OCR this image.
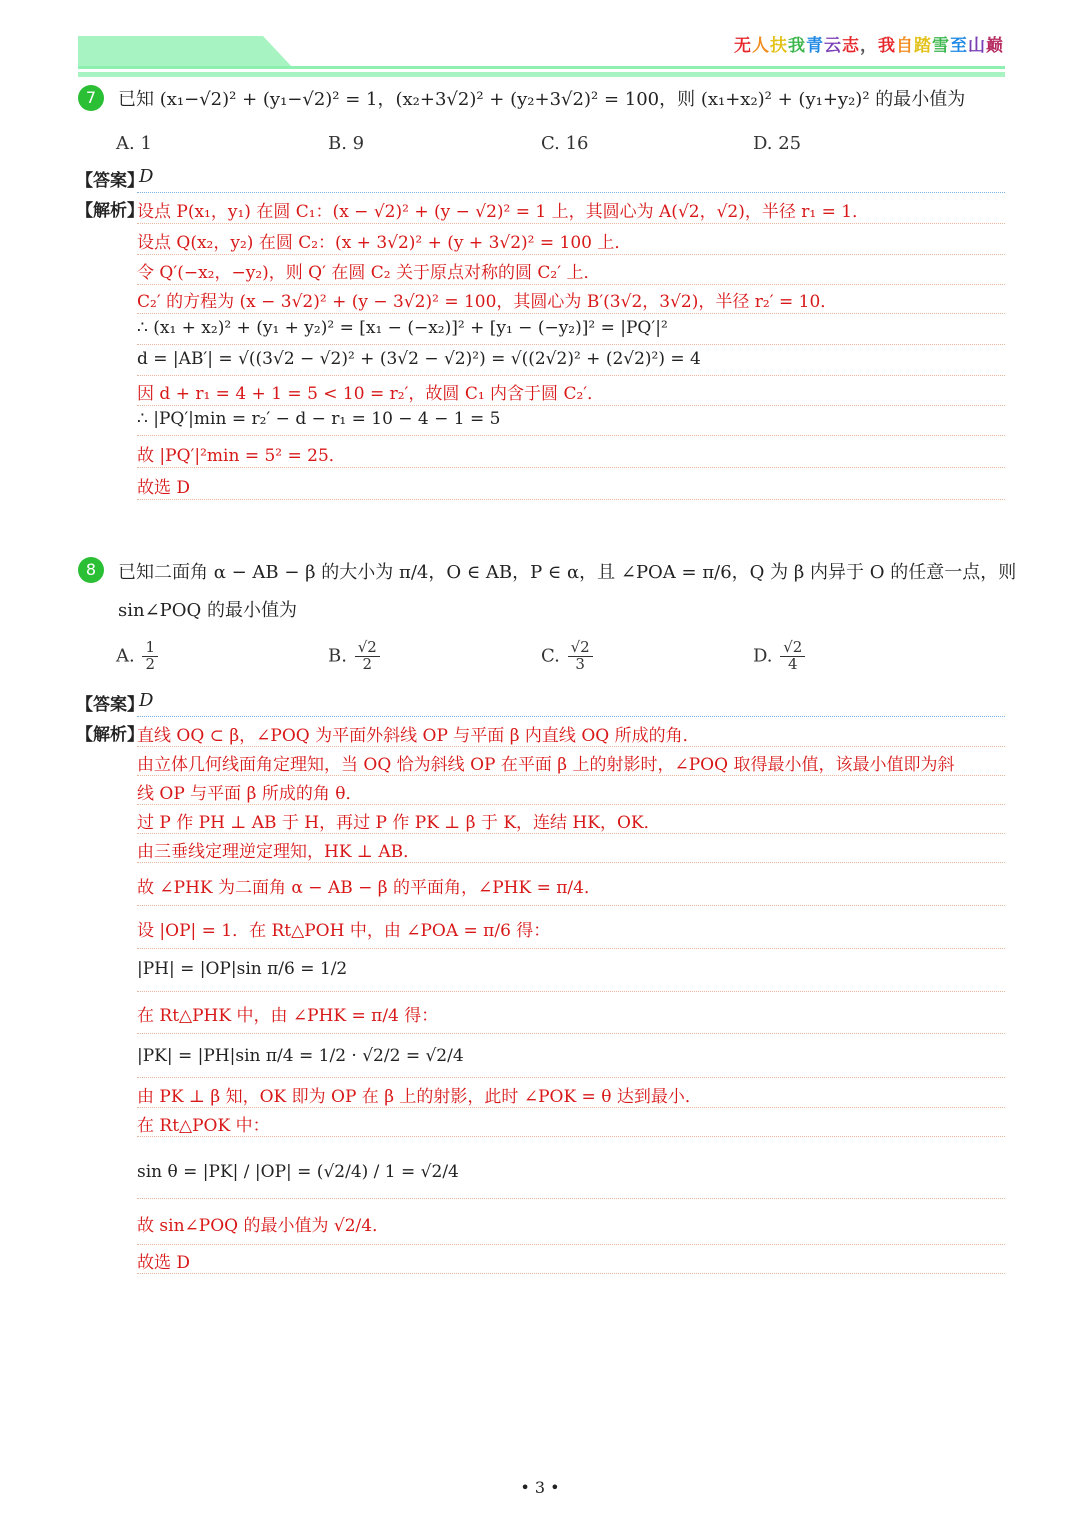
无人扶我青云志，我自踏雪至山巅
7	已知 (x₁−√2)² + (y₁−√2)² = 1，(x₂+3√2)² + (y₂+3√2)² = 100，则 (x₁+x₂)² + (y₁+y₂)² 的最小值为
A. 1	B. 9	C. 16	D. 25
【答案】
D
【解析】
设点 P(x₁，y₁) 在圆 C₁：(x − √2)² + (y − √2)² = 1 上，其圆心为 A(√2，√2)，半径 r₁ = 1．
设点 Q(x₂，y₂) 在圆 C₂：(x + 3√2)² + (y + 3√2)² = 100 上．
令 Q′(−x₂，−y₂)，则 Q′ 在圆 C₂ 关于原点对称的圆 C₂′ 上．
C₂′ 的方程为 (x − 3√2)² + (y − 3√2)² = 100，其圆心为 B′(3√2，3√2)，半径 r₂′ = 10．
∴ (x₁ + x₂)² + (y₁ + y₂)² = [x₁ − (−x₂)]² + [y₁ − (−y₂)]² = |PQ′|²
d = |AB′| = √((3√2 − √2)² + (3√2 − √2)²) = √((2√2)² + (2√2)²) = 4
因 d + r₁ = 4 + 1 = 5 < 10 = r₂′，故圆 C₁ 内含于圆 C₂′．
∴ |PQ′|min = r₂′ − d − r₁ = 10 − 4 − 1 = 5
故 |PQ′|²min = 5² = 25．
故选 D
8	已知二面角 α − AB − β 的大小为 π/4，O ∈ AB，P ∈ α，且 ∠POA = π/6，Q 为 β 内异于 O 的任意一点，则
sin∠POQ 的最小值为
A. $\frac{1}{2}$	B. $\frac{√2}{2}$	C. $\frac{√2}{3}$	D. $\frac{√2}{4}$
【答案】
D
【解析】
直线 OQ ⊂ β，∠POQ 为平面外斜线 OP 与平面 β 内直线 OQ 所成的角．
由立体几何线面角定理知，当 OQ 恰为斜线 OP 在平面 β 上的射影时，∠POQ 取得最小值，该最小值即为斜
线 OP 与平面 β 所成的角 θ．
过 P 作 PH ⊥ AB 于 H，再过 P 作 PK ⊥ β 于 K，连结 HK，OK．
由三垂线定理逆定理知，HK ⊥ AB．
故 ∠PHK 为二面角 α − AB − β 的平面角，∠PHK = π/4．
设 |OP| = 1．在 Rt△POH 中，由 ∠POA = π/6 得：
|PH| = |OP|sin π/6 = 1/2
在 Rt△PHK 中，由 ∠PHK = π/4 得：
|PK| = |PH|sin π/4 = 1/2 · √2/2 = √2/4
由 PK ⊥ β 知，OK 即为 OP 在 β 上的射影，此时 ∠POK = θ 达到最小．
在 Rt△POK 中：
sin θ = |PK| / |OP| = (√2/4) / 1 = √2/4
故 sin∠POQ 的最小值为 √2/4．
故选 D
• 3 •
